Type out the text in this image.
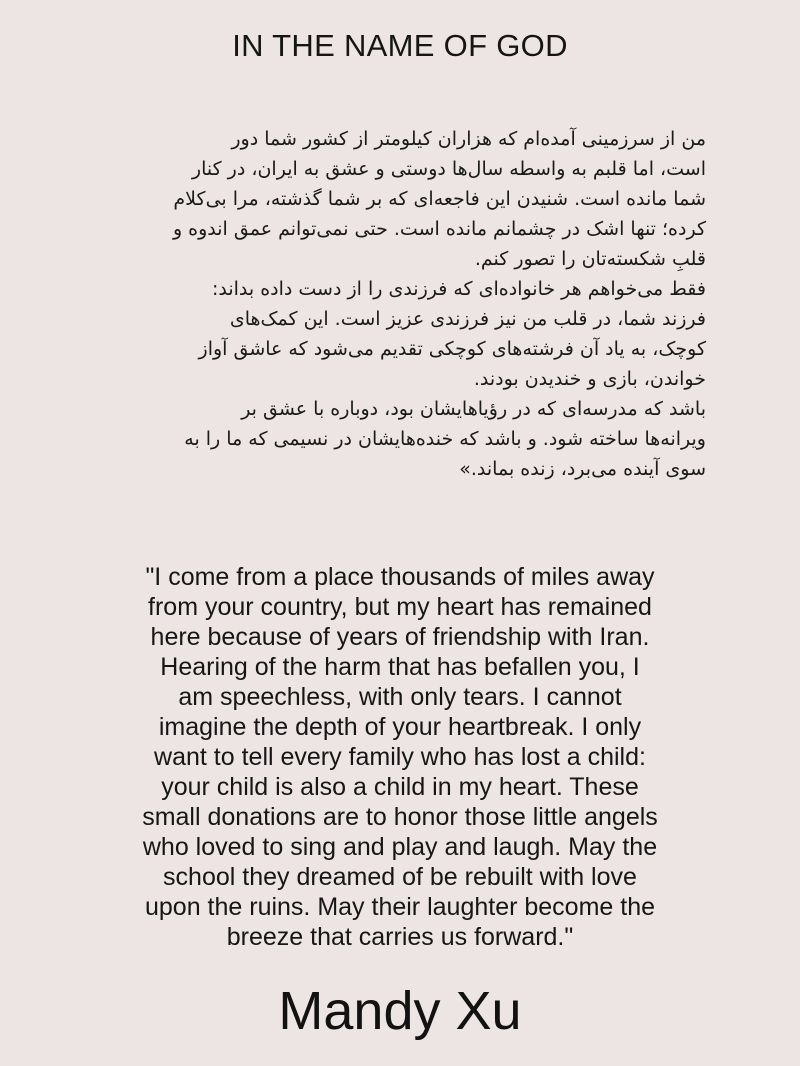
IN THE NAME OF GOD
من از سرزمینی آمده‌ام که هزاران کیلومتر از کشور شما دور
است، اما قلبم به واسطه سال‌ها دوستی و عشق به ایران، در کنار
شما مانده است. شنیدن این فاجعه‌ای که بر شما گذشته، مرا بی‌کلام
کرده؛ تنها اشک در چشمانم مانده است. حتی نمی‌توانم عمق اندوه و
قلبِ شکسته‌تان را تصور کنم.
فقط می‌خواهم هر خانواده‌ای که فرزندی را از دست داده بداند:
فرزند شما، در قلب من نیز فرزندی عزیز است. این کمک‌های
کوچک، به یاد آن فرشته‌های کوچکی تقدیم می‌شود که عاشق آواز
خواندن، بازی و خندیدن بودند.
باشد که مدرسه‌ای که در رؤیاهایشان بود، دوباره با عشق بر
ویرانه‌ها ساخته شود. و باشد که خنده‌هایشان در نسیمی که ما را به
سوی آینده می‌برد، زنده بماند.»
"I come from a place thousands of miles away
from your country, but my heart has remained
here because of years of friendship with Iran.
Hearing of the harm that has befallen you, I
am speechless, with only tears. I cannot
imagine the depth of your heartbreak. I only
want to tell every family who has lost a child:
your child is also a child in my heart. These
small donations are to honor those little angels
who loved to sing and play and laugh. May the
school they dreamed of be rebuilt with love
upon the ruins. May their laughter become the
breeze that carries us forward."
Mandy Xu
